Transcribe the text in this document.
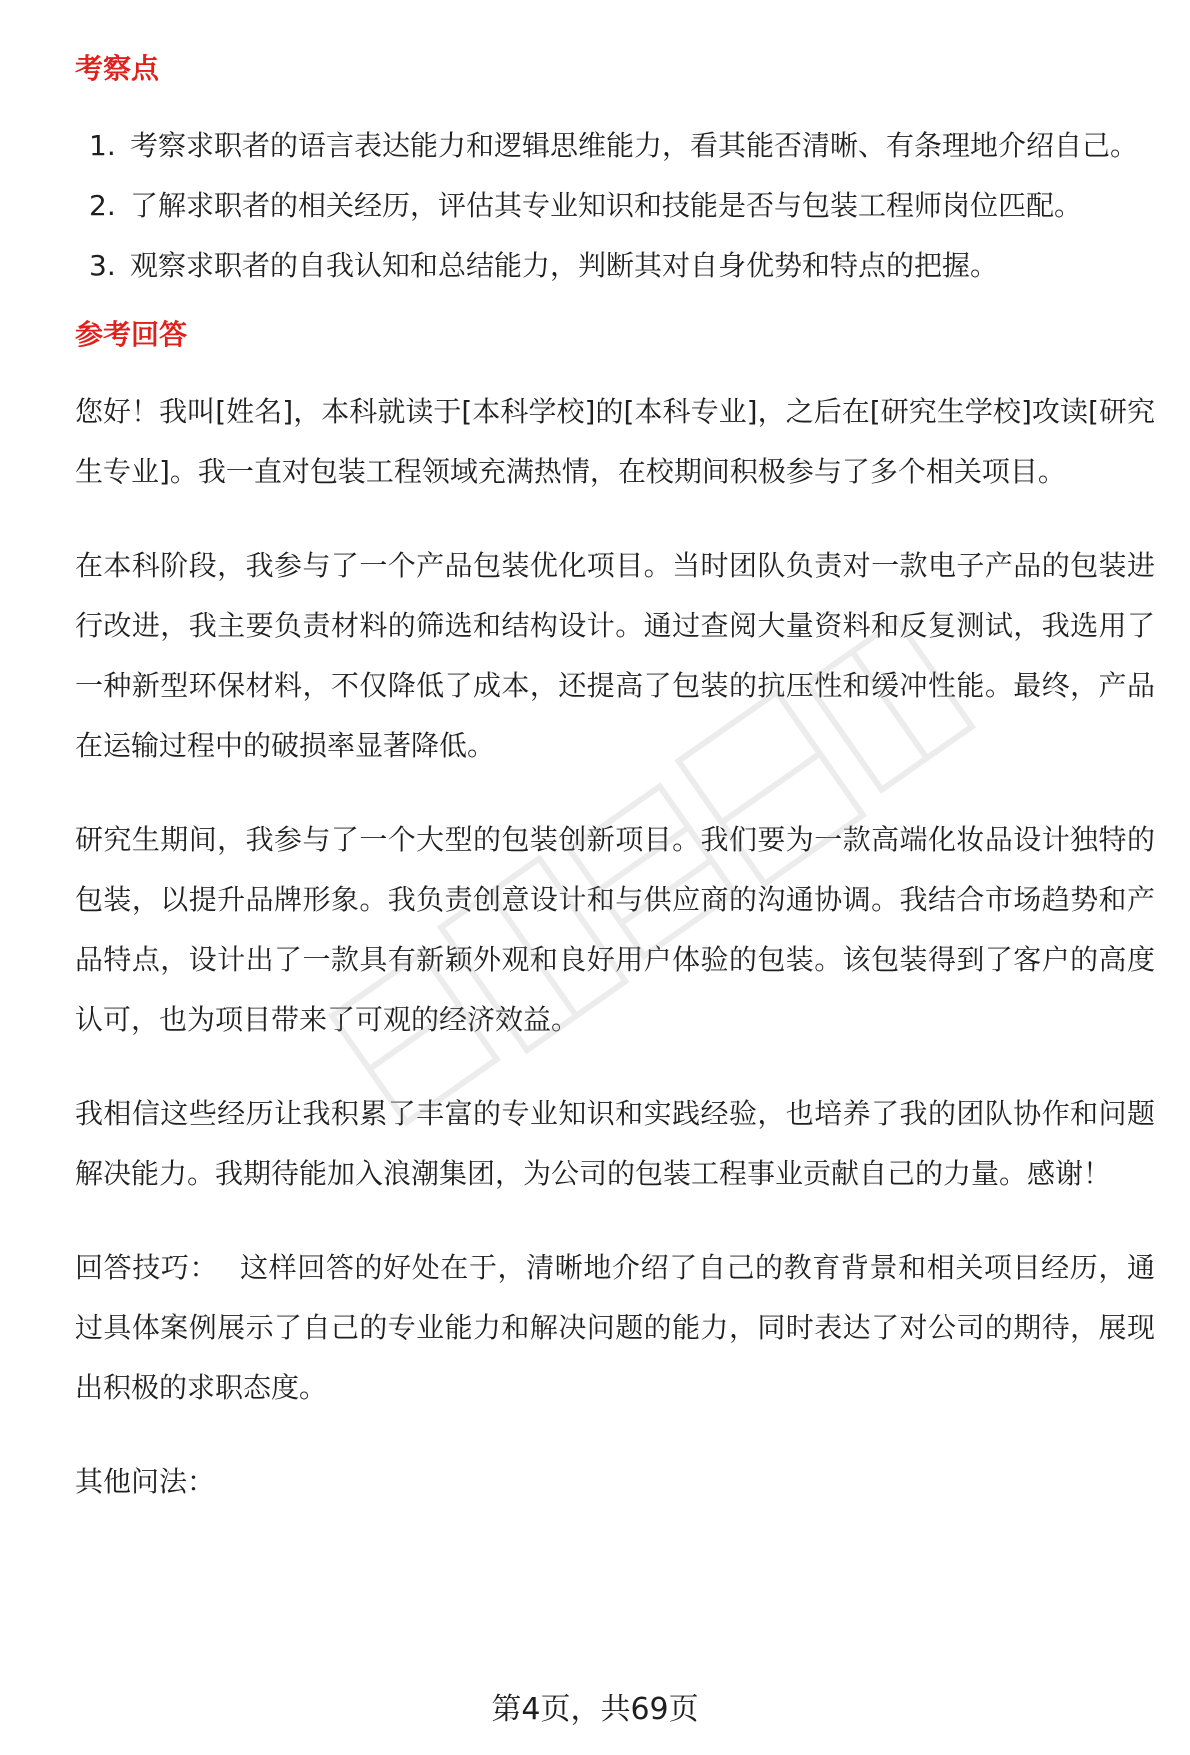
考察点
1. 考察求职者的语言表达能力和逻辑思维能力，看其能否清晰、有条理地介绍自己。
2. 了解求职者的相关经历，评估其专业知识和技能是否与包装工程师岗位匹配。
3. 观察求职者的自我认知和总结能力，判断其对自身优势和特点的把握。
参考回答

您好！我叫[姓名]，本科就读于[本科学校]的[本科专业]，之后在[研究生学校]攻读[研究生专业]。我一直对包装工程领域充满热情，在校期间积极参与了多个相关项目。

在本科阶段，我参与了一个产品包装优化项目。当时团队负责对一款电子产品的包装进行改进，我主要负责材料的筛选和结构设计。通过查阅大量资料和反复测试，我选用了一种新型环保材料，不仅降低了成本，还提高了包装的抗压性和缓冲性能。最终，产品在运输过程中的破损率显著降低。

研究生期间，我参与了一个大型的包装创新项目。我们要为一款高端化妆品设计独特的包装，以提升品牌形象。我负责创意设计和与供应商的沟通协调。我结合市场趋势和产品特点，设计出了一款具有新颖外观和良好用户体验的包装。该包装得到了客户的高度认可，也为项目带来了可观的经济效益。

我相信这些经历让我积累了丰富的专业知识和实践经验，也培养了我的团队协作和问题解决能力。我期待能加入浪潮集团，为公司的包装工程事业贡献自己的力量。感谢！

回答技巧： 这样回答的好处在于，清晰地介绍了自己的教育背景和相关项目经历，通过具体案例展示了自己的专业能力和解决问题的能力，同时表达了对公司的期待，展现出积极的求职态度。

其他问法：

第4页，共69页
